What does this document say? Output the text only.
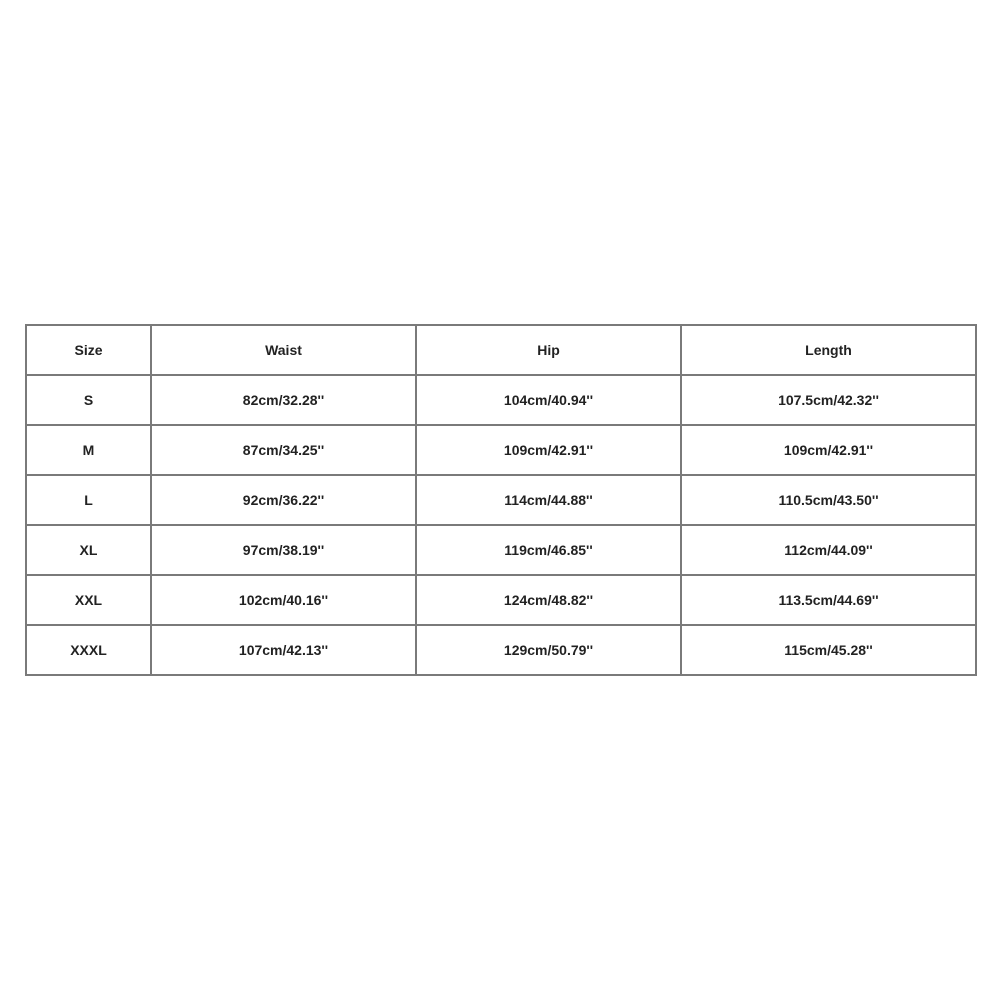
Size	Waist	Hip	Length
S	82cm/32.28''	104cm/40.94''	107.5cm/42.32''
M	87cm/34.25''	109cm/42.91''	109cm/42.91''
L	92cm/36.22''	114cm/44.88''	110.5cm/43.50''
XL	97cm/38.19''	119cm/46.85''	112cm/44.09''
XXL	102cm/40.16''	124cm/48.82''	113.5cm/44.69''
XXXL	107cm/42.13''	129cm/50.79''	115cm/45.28''
